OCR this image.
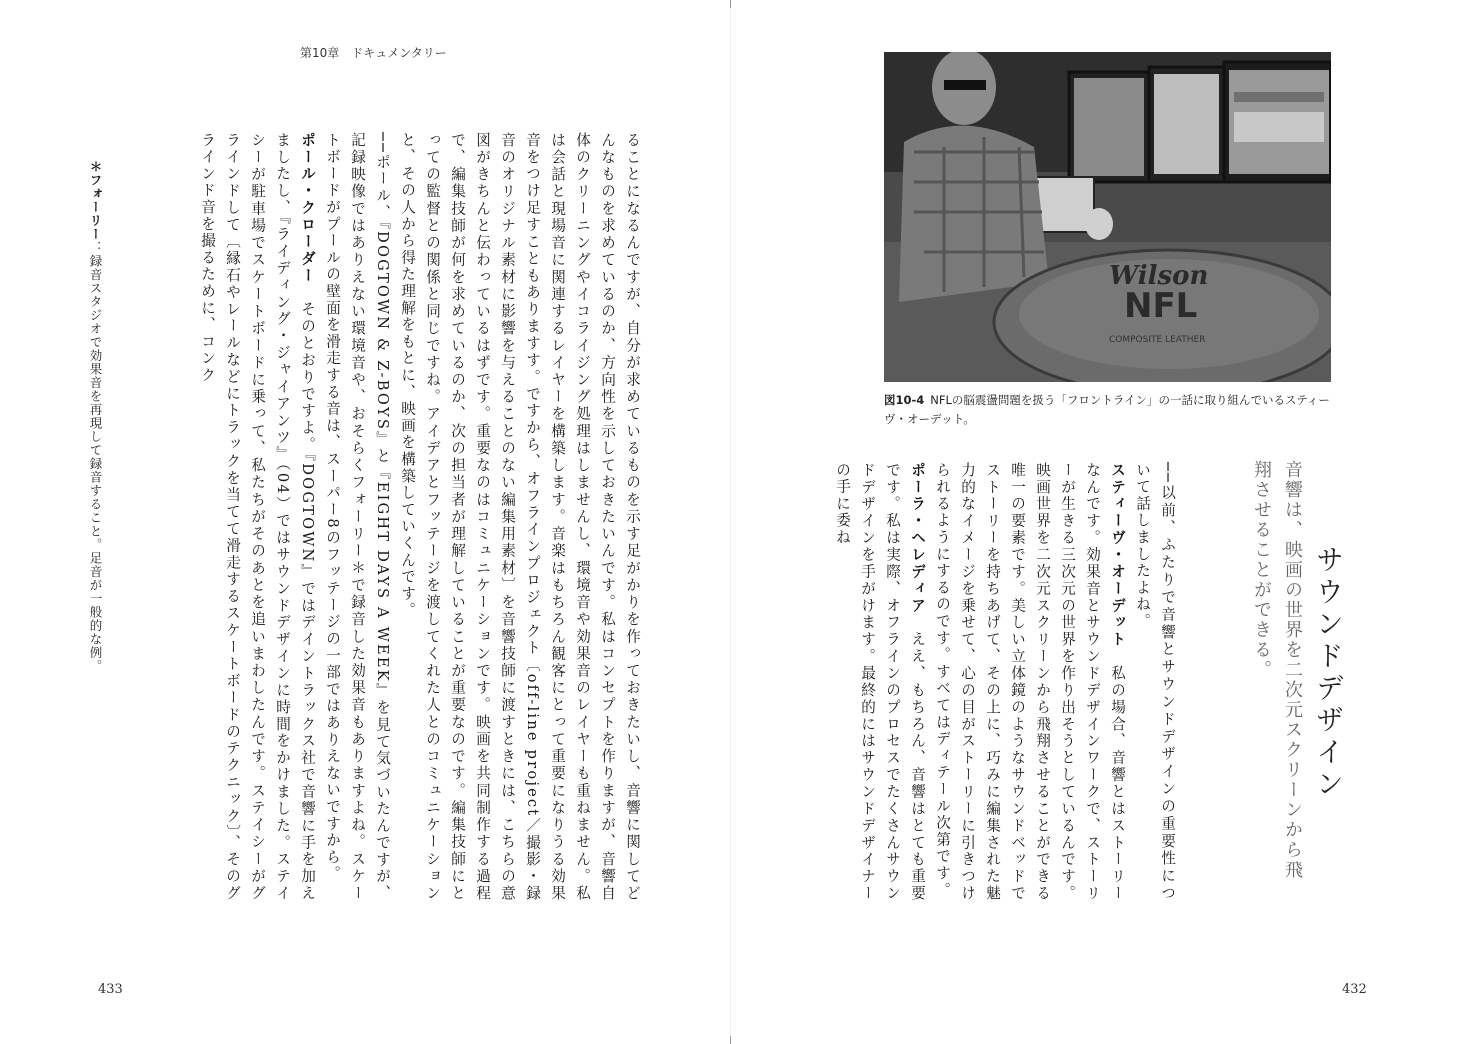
第10章　ドキュメンタリー

ることになるんですが、自分が求めているものを示す足がかりを作っておきたいし、音響に関してどんなものを求めているのか、方向性を示しておきたいんです。私はコンセプトを作りますが、音響自体のクリーニングやイコライジング処理はしませんし、環境音や効果音のレイヤーも重ねません。私は会話と現場音に関連するレイヤーを構築します。音楽はもちろん観客にとって重要になりうる効果音をつけ足すこともありますす。ですから、オフラインプロジェクト〔off-line project／撮影・録音のオリジナル素材に影響を与えることのない編集用素材〕を音響技師に渡すときには、こちらの意図がきちんと伝わっているはずです。重要なのはコミュニケーションです。映画を共同制作する過程で、編集技師が何を求めているのか、次の担当者が理解していることが重要なのです。編集技師にとっての監督との関係と同じですね。アイデアとフッテージを渡してくれた人とのコミュニケーションと、その人から得た理解をもとに、映画を構築していくんです。

──ポール、『DOGTOWN & Z-BOYS』と『EIGHT DAYS A WEEK』を見て気づいたんですが、記録映像ではありえない環境音や、おそらくフォーリー＊で録音した効果音もありますよね。スケートボードがプールの壁面を滑走する音は、スーパー8のフッテージの一部ではありえないですから。

ポール・クローダー　そのとおりですよ。『DOGTOWN』ではデイントラックス社で音響に手を加えましたし、『ライディング・ジャイアンツ』（04）ではサウンドデザインに時間をかけました。ステイシーが駐車場でスケートボードに乗って、私たちがそのあとを追いまわしたんです。ステイシーがグラインドして〔縁石やレールなどにトラックを当てて滑走するスケートボードのテクニック〕、そのグラインド音を撮るために、コンク

＊フォーリー：録音スタジオで効果音を再現して録音すること。足音が一般的な例。
433
Wilson
NFL
COMPOSITE LEATHER
図10-4 NFLの脳震盪問題を扱う「フロントライン」の一話に取り組んでいるスティーヴ・オーデット。
サウンドデザイン
音響は、映画の世界を二次元スクリーンから飛翔させることができる。

──以前、ふたりで音響とサウンドデザインの重要性について話しましたよね。

スティーヴ・オーデット　私の場合、音響とはストーリーなんです。効果音とサウンドデザインワークで、ストーリーが生きる三次元の世界を作り出そうとしているんです。映画世界を二次元スクリーンから飛翔させることができる唯一の要素です。美しい立体鏡のようなサウンドベッドでストーリーを持ちあげて、その上に、巧みに編集された魅力的なイメージを乗せて、心の目がストーリーに引きつけられるようにするのです。すべてはディテール次第です。

ポーラ・ヘレディア　ええ、もちろん、音響はとても重要です。私は実際、オフラインのプロセスでたくさんサウンドデザインを手がけます。最終的にはサウンドデザイナーの手に委ね

432
